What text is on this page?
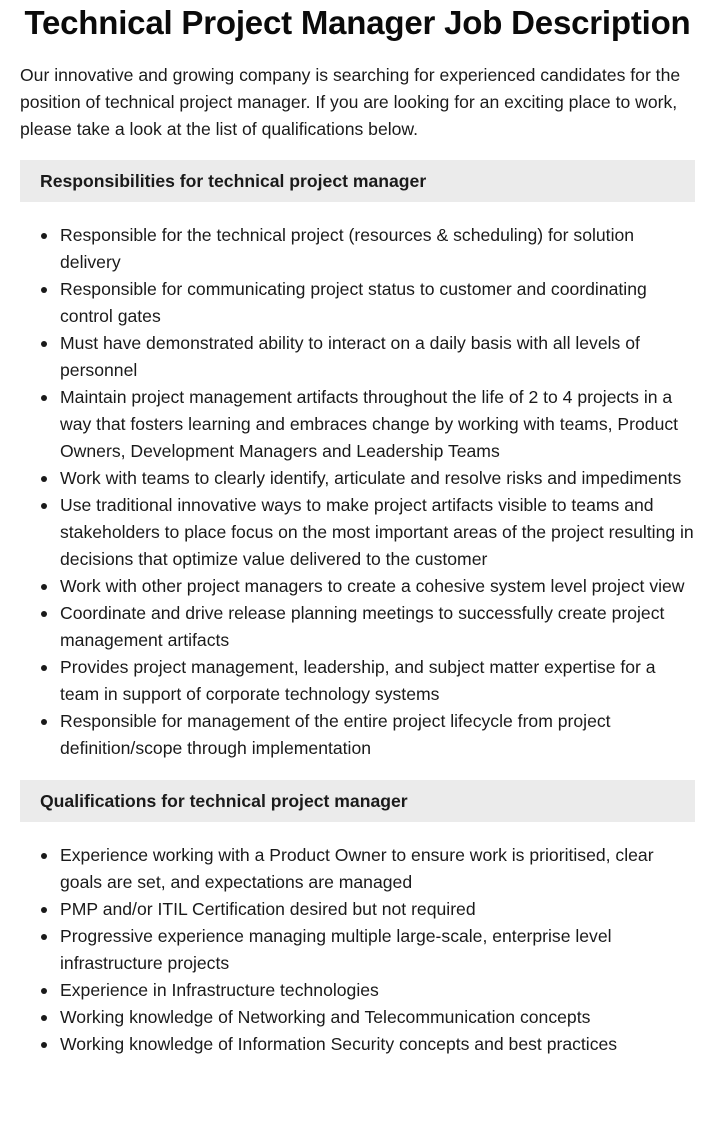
Technical Project Manager Job Description

Our innovative and growing company is searching for experienced candidates for the position of technical project manager. If you are looking for an exciting place to work, please take a look at the list of qualifications below.

Responsibilities for technical project manager
Responsible for the technical project (resources & scheduling) for solution delivery
Responsible for communicating project status to customer and coordinating control gates
Must have demonstrated ability to interact on a daily basis with all levels of personnel
Maintain project management artifacts throughout the life of 2 to 4 projects in a way that fosters learning and embraces change by working with teams, Product Owners, Development Managers and Leadership Teams
Work with teams to clearly identify, articulate and resolve risks and impediments
Use traditional innovative ways to make project artifacts visible to teams and stakeholders to place focus on the most important areas of the project resulting in decisions that optimize value delivered to the customer
Work with other project managers to create a cohesive system level project view
Coordinate and drive release planning meetings to successfully create project management artifacts
Provides project management, leadership, and subject matter expertise for a team in support of corporate technology systems
Responsible for management of the entire project lifecycle from project definition/scope through implementation
Qualifications for technical project manager
Experience working with a Product Owner to ensure work is prioritised, clear goals are set, and expectations are managed
PMP and/or ITIL Certification desired but not required
Progressive experience managing multiple large-scale, enterprise level infrastructure projects
Experience in Infrastructure technologies
Working knowledge of Networking and Telecommunication concepts
Working knowledge of Information Security concepts and best practices
